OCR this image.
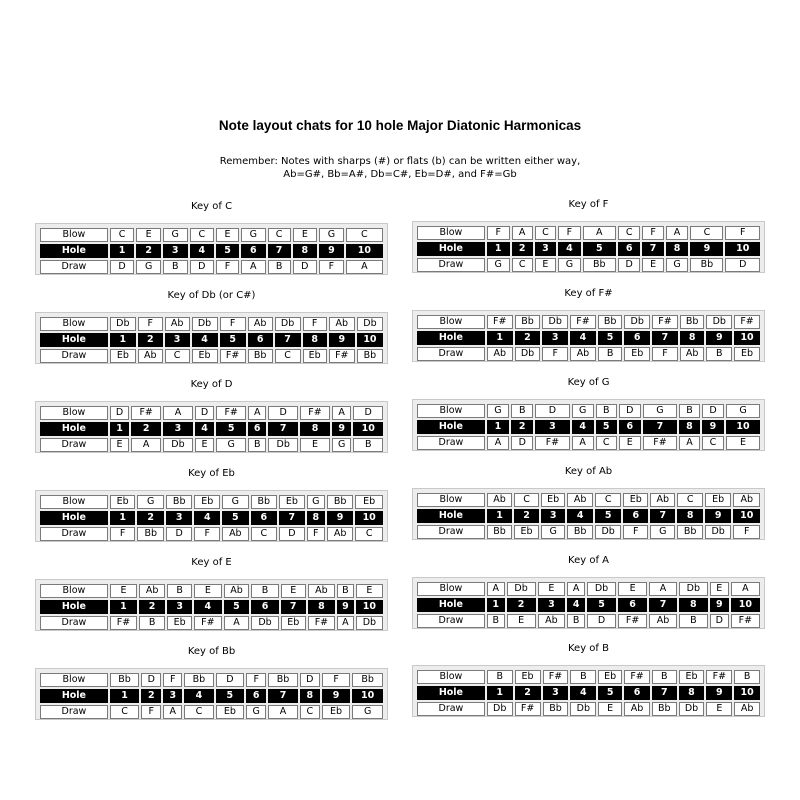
Note layout chats for 10 hole Major Diatonic Harmonicas
Remember: Notes with sharps (#) or flats (b) can be written either way,
Ab=G#, Bb=A#, Db=C#, Eb=D#, and F#=Gb
Key of C
Blow	C	E	G	C	E	G	C	E	G	C
Hole	1	2	3	4	5	6	7	8	9	10
Draw	D	G	B	D	F	A	B	D	F	A
Key of F
Blow	F	A	C	F	A	C	F	A	C	F
Hole	1	2	3	4	5	6	7	8	9	10
Draw	G	C	E	G	Bb	D	E	G	Bb	D
Key of Db (or C#)
Blow	Db	F	Ab	Db	F	Ab	Db	F	Ab	Db
Hole	1	2	3	4	5	6	7	8	9	10
Draw	Eb	Ab	C	Eb	F#	Bb	C	Eb	F#	Bb
Key of F#
Blow	F#	Bb	Db	F#	Bb	Db	F#	Bb	Db	F#
Hole	1	2	3	4	5	6	7	8	9	10
Draw	Ab	Db	F	Ab	B	Eb	F	Ab	B	Eb
Key of D
Blow	D	F#	A	D	F#	A	D	F#	A	D
Hole	1	2	3	4	5	6	7	8	9	10
Draw	E	A	Db	E	G	B	Db	E	G	B
Key of G
Blow	G	B	D	G	B	D	G	B	D	G
Hole	1	2	3	4	5	6	7	8	9	10
Draw	A	D	F#	A	C	E	F#	A	C	E
Key of Eb
Blow	Eb	G	Bb	Eb	G	Bb	Eb	G	Bb	Eb
Hole	1	2	3	4	5	6	7	8	9	10
Draw	F	Bb	D	F	Ab	C	D	F	Ab	C
Key of Ab
Blow	Ab	C	Eb	Ab	C	Eb	Ab	C	Eb	Ab
Hole	1	2	3	4	5	6	7	8	9	10
Draw	Bb	Eb	G	Bb	Db	F	G	Bb	Db	F
Key of E
Blow	E	Ab	B	E	Ab	B	E	Ab	B	E
Hole	1	2	3	4	5	6	7	8	9	10
Draw	F#	B	Eb	F#	A	Db	Eb	F#	A	Db
Key of A
Blow	A	Db	E	A	Db	E	A	Db	E	A
Hole	1	2	3	4	5	6	7	8	9	10
Draw	B	E	Ab	B	D	F#	Ab	B	D	F#
Key of Bb
Blow	Bb	D	F	Bb	D	F	Bb	D	F	Bb
Hole	1	2	3	4	5	6	7	8	9	10
Draw	C	F	A	C	Eb	G	A	C	Eb	G
Key of B
Blow	B	Eb	F#	B	Eb	F#	B	Eb	F#	B
Hole	1	2	3	4	5	6	7	8	9	10
Draw	Db	F#	Bb	Db	E	Ab	Bb	Db	E	Ab
